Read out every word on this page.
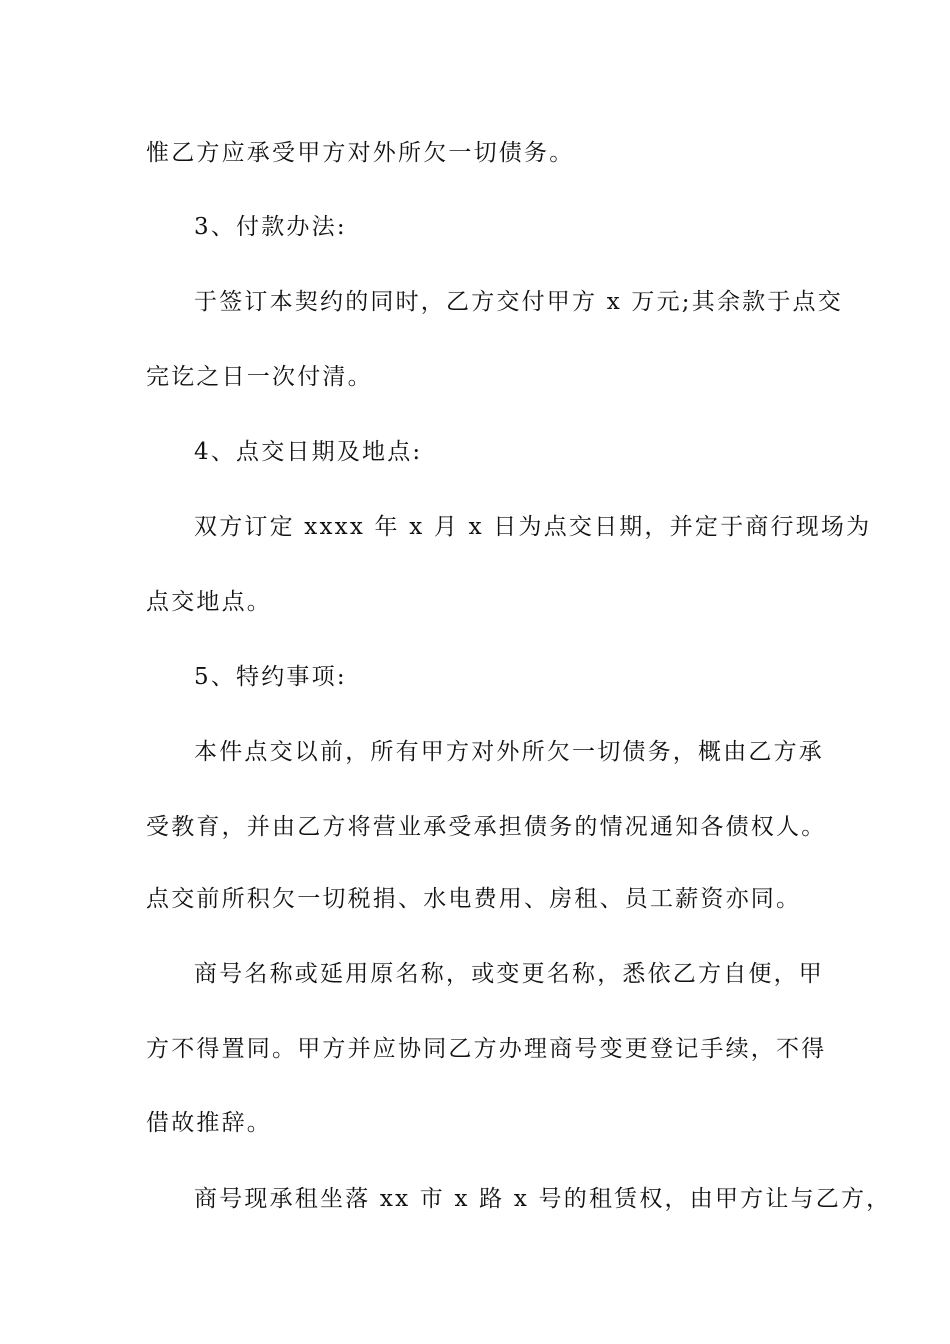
惟乙方应承受甲方对外所欠一切债务。
3、付款办法:
于签订本契约的同时，乙方交付甲方 x 万元;其余款于点交
完讫之日一次付清。
4、点交日期及地点:
双方订定 xxxx 年 x 月 x 日为点交日期，并定于商行现场为
点交地点。
5、特约事项:
本件点交以前，所有甲方对外所欠一切债务，概由乙方承
受教育，并由乙方将营业承受承担债务的情况通知各债权人。
点交前所积欠一切税捐、水电费用、房租、员工薪资亦同。
商号名称或延用原名称，或变更名称，悉依乙方自便，甲
方不得置同。甲方并应协同乙方办理商号变更登记手续，不得
借故推辞。
商号现承租坐落 xx 市 x 路 x 号的租赁权，由甲方让与乙方，
